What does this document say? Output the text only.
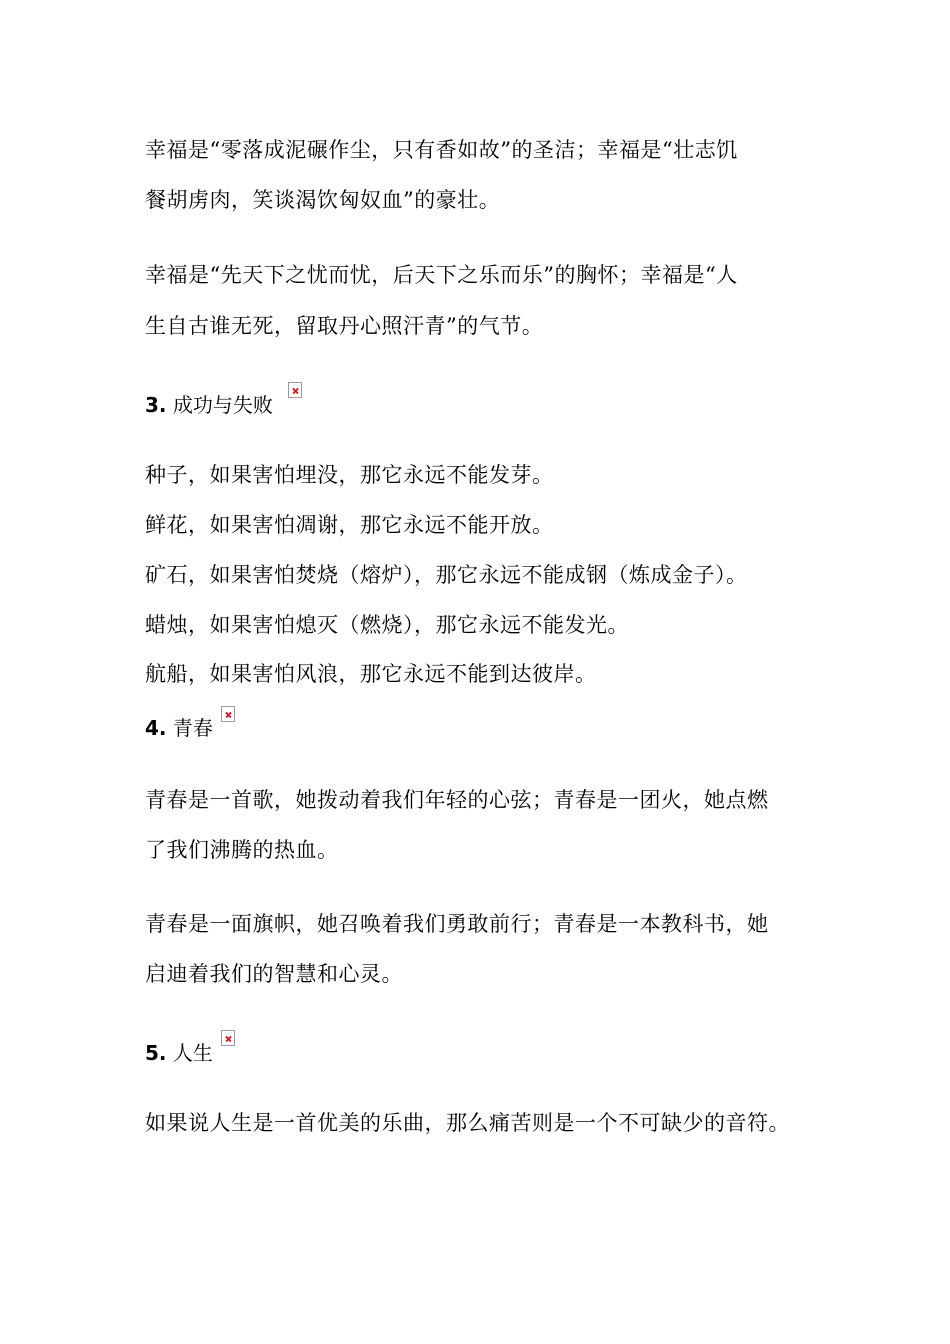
幸福是“零落成泥碾作尘，只有香如故”的圣洁；幸福是“壮志饥
餐胡虏肉，笑谈渴饮匈奴血”的豪壮。
幸福是“先天下之忧而忧，后天下之乐而乐”的胸怀；幸福是“人
生自古谁无死，留取丹心照汗青”的气节。
3. 成功与失败
种子，如果害怕埋没，那它永远不能发芽。
鲜花，如果害怕凋谢，那它永远不能开放。
矿石，如果害怕焚烧（熔炉），那它永远不能成钢（炼成金子）。
蜡烛，如果害怕熄灭（燃烧），那它永远不能发光。
航船，如果害怕风浪，那它永远不能到达彼岸。
4. 青春
青春是一首歌，她拨动着我们年轻的心弦；青春是一团火，她点燃
了我们沸腾的热血。
青春是一面旗帜，她召唤着我们勇敢前行；青春是一本教科书，她
启迪着我们的智慧和心灵。
5. 人生
如果说人生是一首优美的乐曲，那么痛苦则是一个不可缺少的音符。
